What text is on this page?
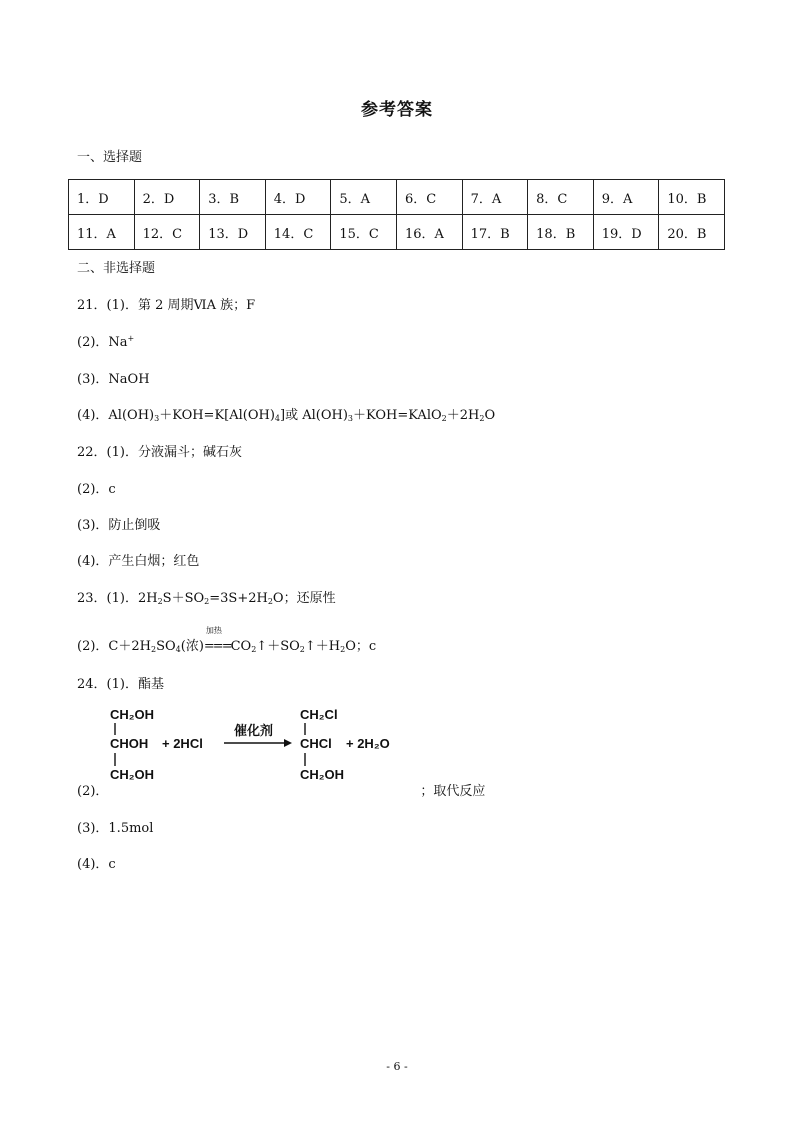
参考答案
一、选择题
1．D	2．D	3．B	4．D	5．A	6．C	7．A	8．C	9．A	10．B
11．A	12．C	13．D	14．C	15．C	16．A	17．B	18．B	19．D	20．B
二、非选择题
21．(1)．第 2 周期ⅥA 族；F
(2)．Na+
(3)．NaOH
(4)．$Al(OH)_3+KOH=K[Al(OH)_4]$或 $Al(OH)_3+KOH=KAlO_2+2H_2O$
22．(1)．分液漏斗；碱石灰
(2)．c
(3)．防止倒吸
(4)．产生白烟；红色
23．(1)．$2H_2S+SO_2=3S+2H_2O$；还原性
(2)．$C+2H_2SO_4$(浓)
加热
$===CO_2↑+SO_2↑+H_2O$；c
24．(1)．酯基
CH₂OH
CHOH
CH₂OH
+ 2HCl
催化剂
CH₂Cl
CHCl
CH₂OH
+ 2H₂O
(2)．	；取代反应
(3)．1.5mol
(4)．c
- 6 -
